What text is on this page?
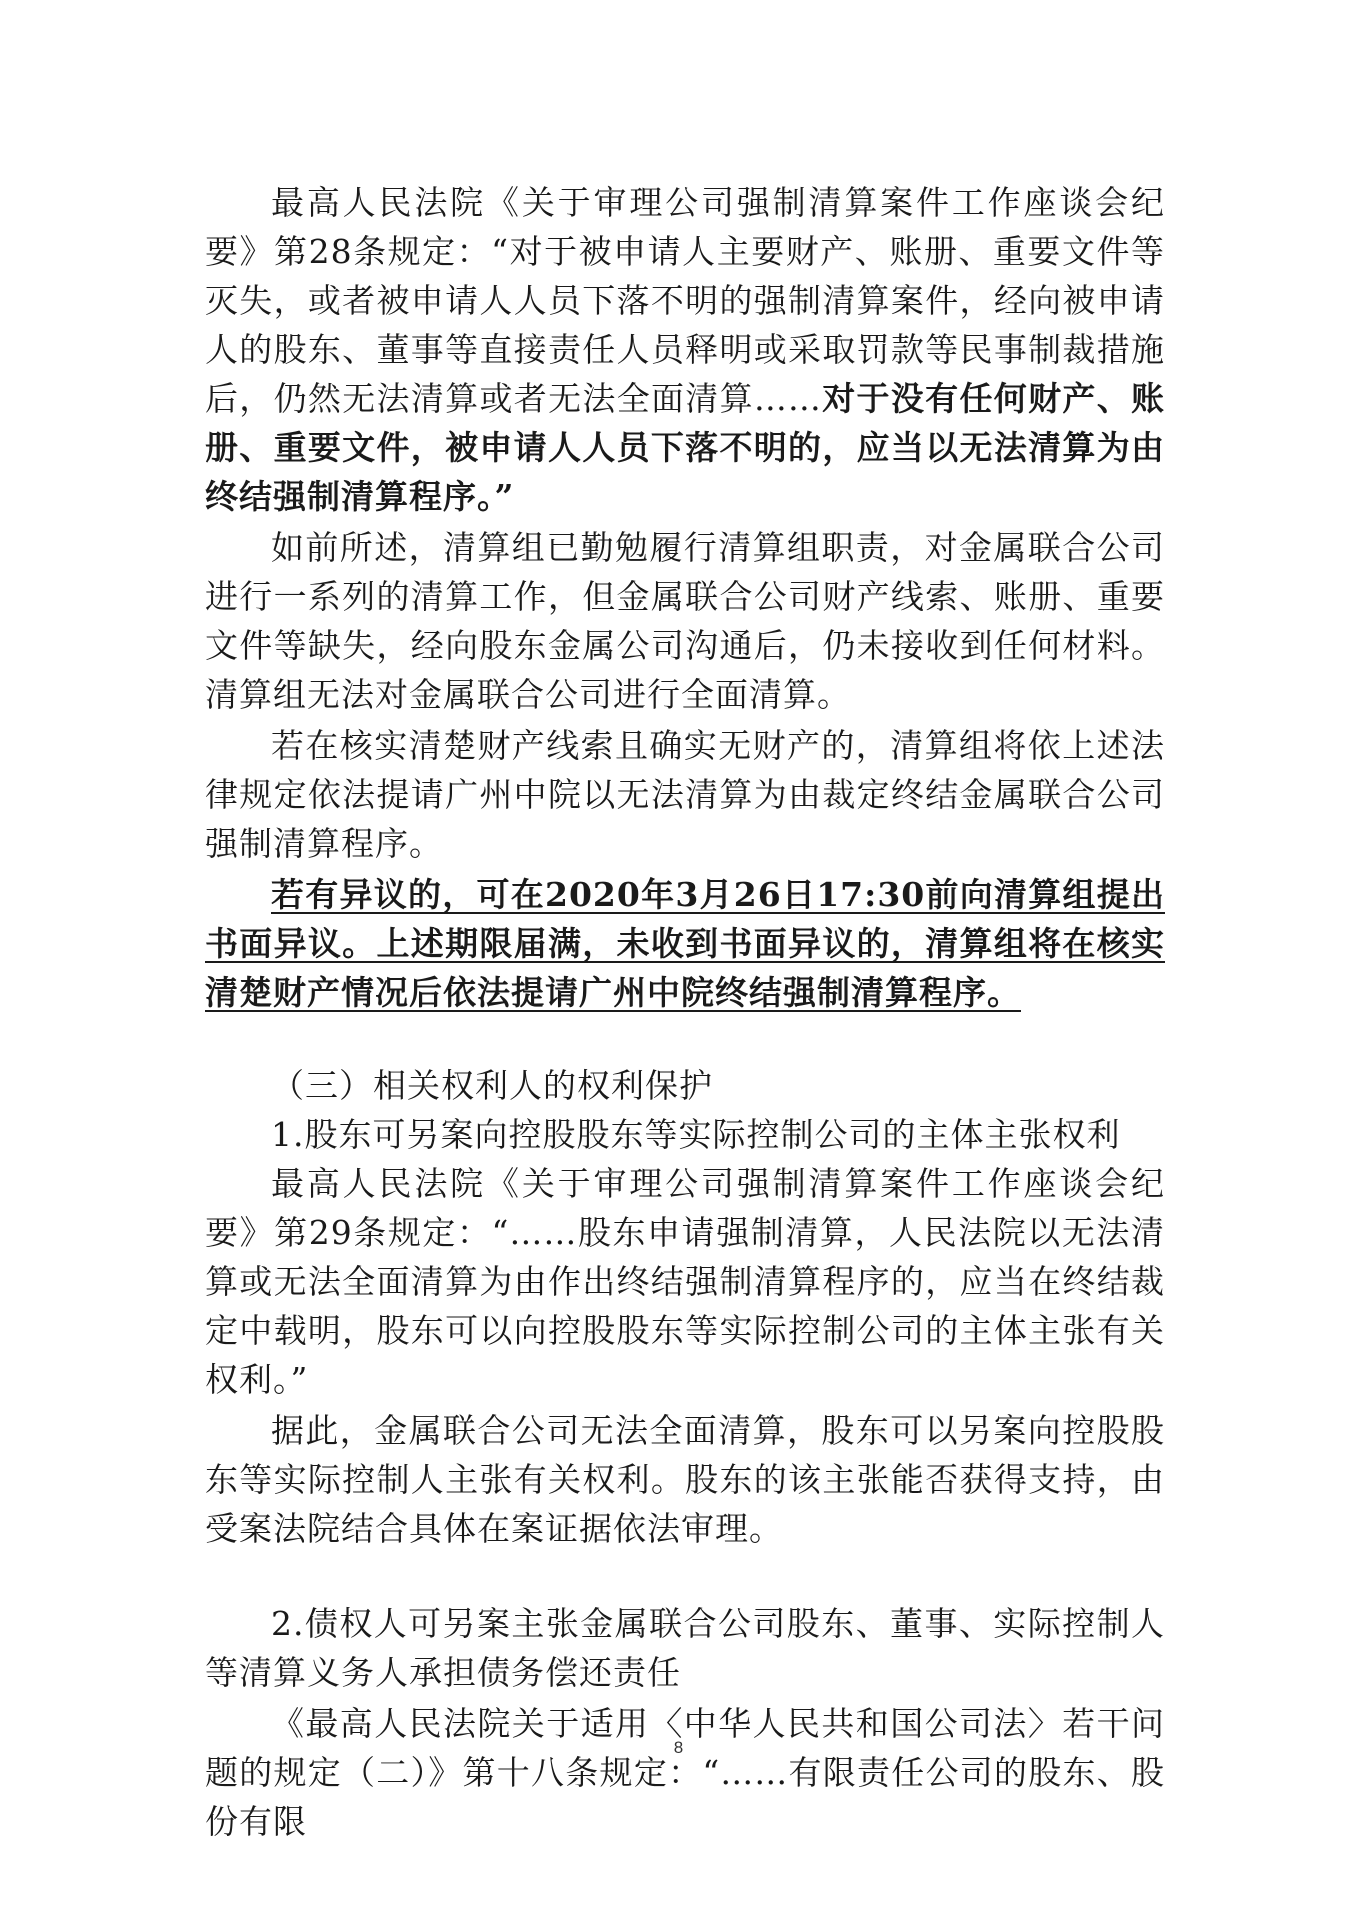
最高人民法院《关于审理公司强制清算案件工作座谈会纪要》第28条规定：“对于被申请人主要财产、账册、重要文件等灭失，或者被申请人人员下落不明的强制清算案件，经向被申请人的股东、董事等直接责任人员释明或采取罚款等民事制裁措施后，仍然无法清算或者无法全面清算……对于没有任何财产、账册、重要文件，被申请人人员下落不明的，应当以无法清算为由终结强制清算程序。”

如前所述，清算组已勤勉履行清算组职责，对金属联合公司进行一系列的清算工作，但金属联合公司财产线索、账册、重要文件等缺失，经向股东金属公司沟通后，仍未接收到任何材料。清算组无法对金属联合公司进行全面清算。

若在核实清楚财产线索且确实无财产的，清算组将依上述法律规定依法提请广州中院以无法清算为由裁定终结金属联合公司强制清算程序。

若有异议的，可在2020年3月26日17:30前向清算组提出书面异议。上述期限届满，未收到书面异议的，清算组将在核实清楚财产情况后依法提请广州中院终结强制清算程序。

（三）相关权利人的权利保护

1.股东可另案向控股股东等实际控制公司的主体主张权利

最高人民法院《关于审理公司强制清算案件工作座谈会纪要》第29条规定：“……股东申请强制清算，人民法院以无法清算或无法全面清算为由作出终结强制清算程序的，应当在终结裁定中载明，股东可以向控股股东等实际控制公司的主体主张有关权利。”

据此，金属联合公司无法全面清算，股东可以另案向控股股东等实际控制人主张有关权利。股东的该主张能否获得支持，由受案法院结合具体在案证据依法审理。

2.债权人可另案主张金属联合公司股东、董事、实际控制人等清算义务人承担债务偿还责任

《最高人民法院关于适用〈中华人民共和国公司法〉若干问题的规定（二）》第十八条规定：“……有限责任公司的股东、股份有限

8
